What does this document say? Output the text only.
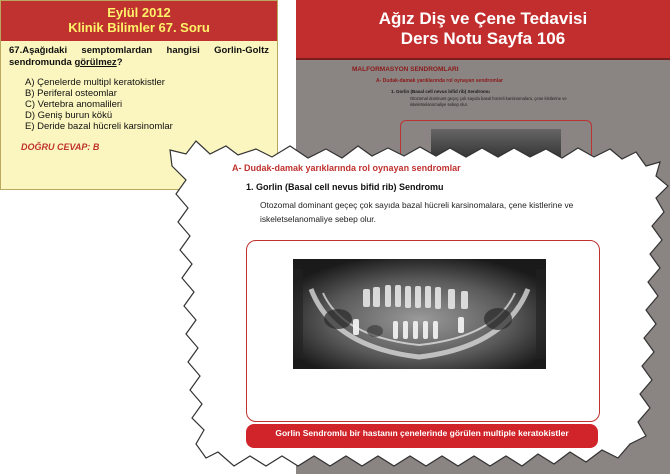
Eylül 2012
Klinik Bilimler 67. Soru

67.Aşağıdaki semptomlardan hangisi Gorlin-Goltz sendromunda görülmez?

A) Çenelerde multipl keratokistler
B) Periferal osteomlar
C) Vertebra anomalileri
D) Geniş burun kökü
E) Deride bazal hücreli karsinomlar
DOĞRU CEVAP: B
Ağız Diş ve Çene Tedavisi
Ders Notu Sayfa 106
MALFORMASYON SENDROMLARI
A- Dudak-damak yarıklarında rol oynayan sendromlar
1. Gorlin (Basal cell nevus bifid rib) Sendromu
Otozomal dominant geçeç çok sayıda basal hücreli karsinomalara, çene kistlerine ve iskeletselanomaliye sebep olur.
A- Dudak-damak yarıklarında rol oynayan sendromlar
1. Gorlin (Basal cell nevus bifid rib) Sendromu
Otozomal dominant geçeç çok sayıda bazal hücreli karsinomalara, çene kistlerine ve iskeletselanomaliye sebep olur.
Gorlin Sendromlu bir hastanın çenelerinde görülen multiple keratokistler
